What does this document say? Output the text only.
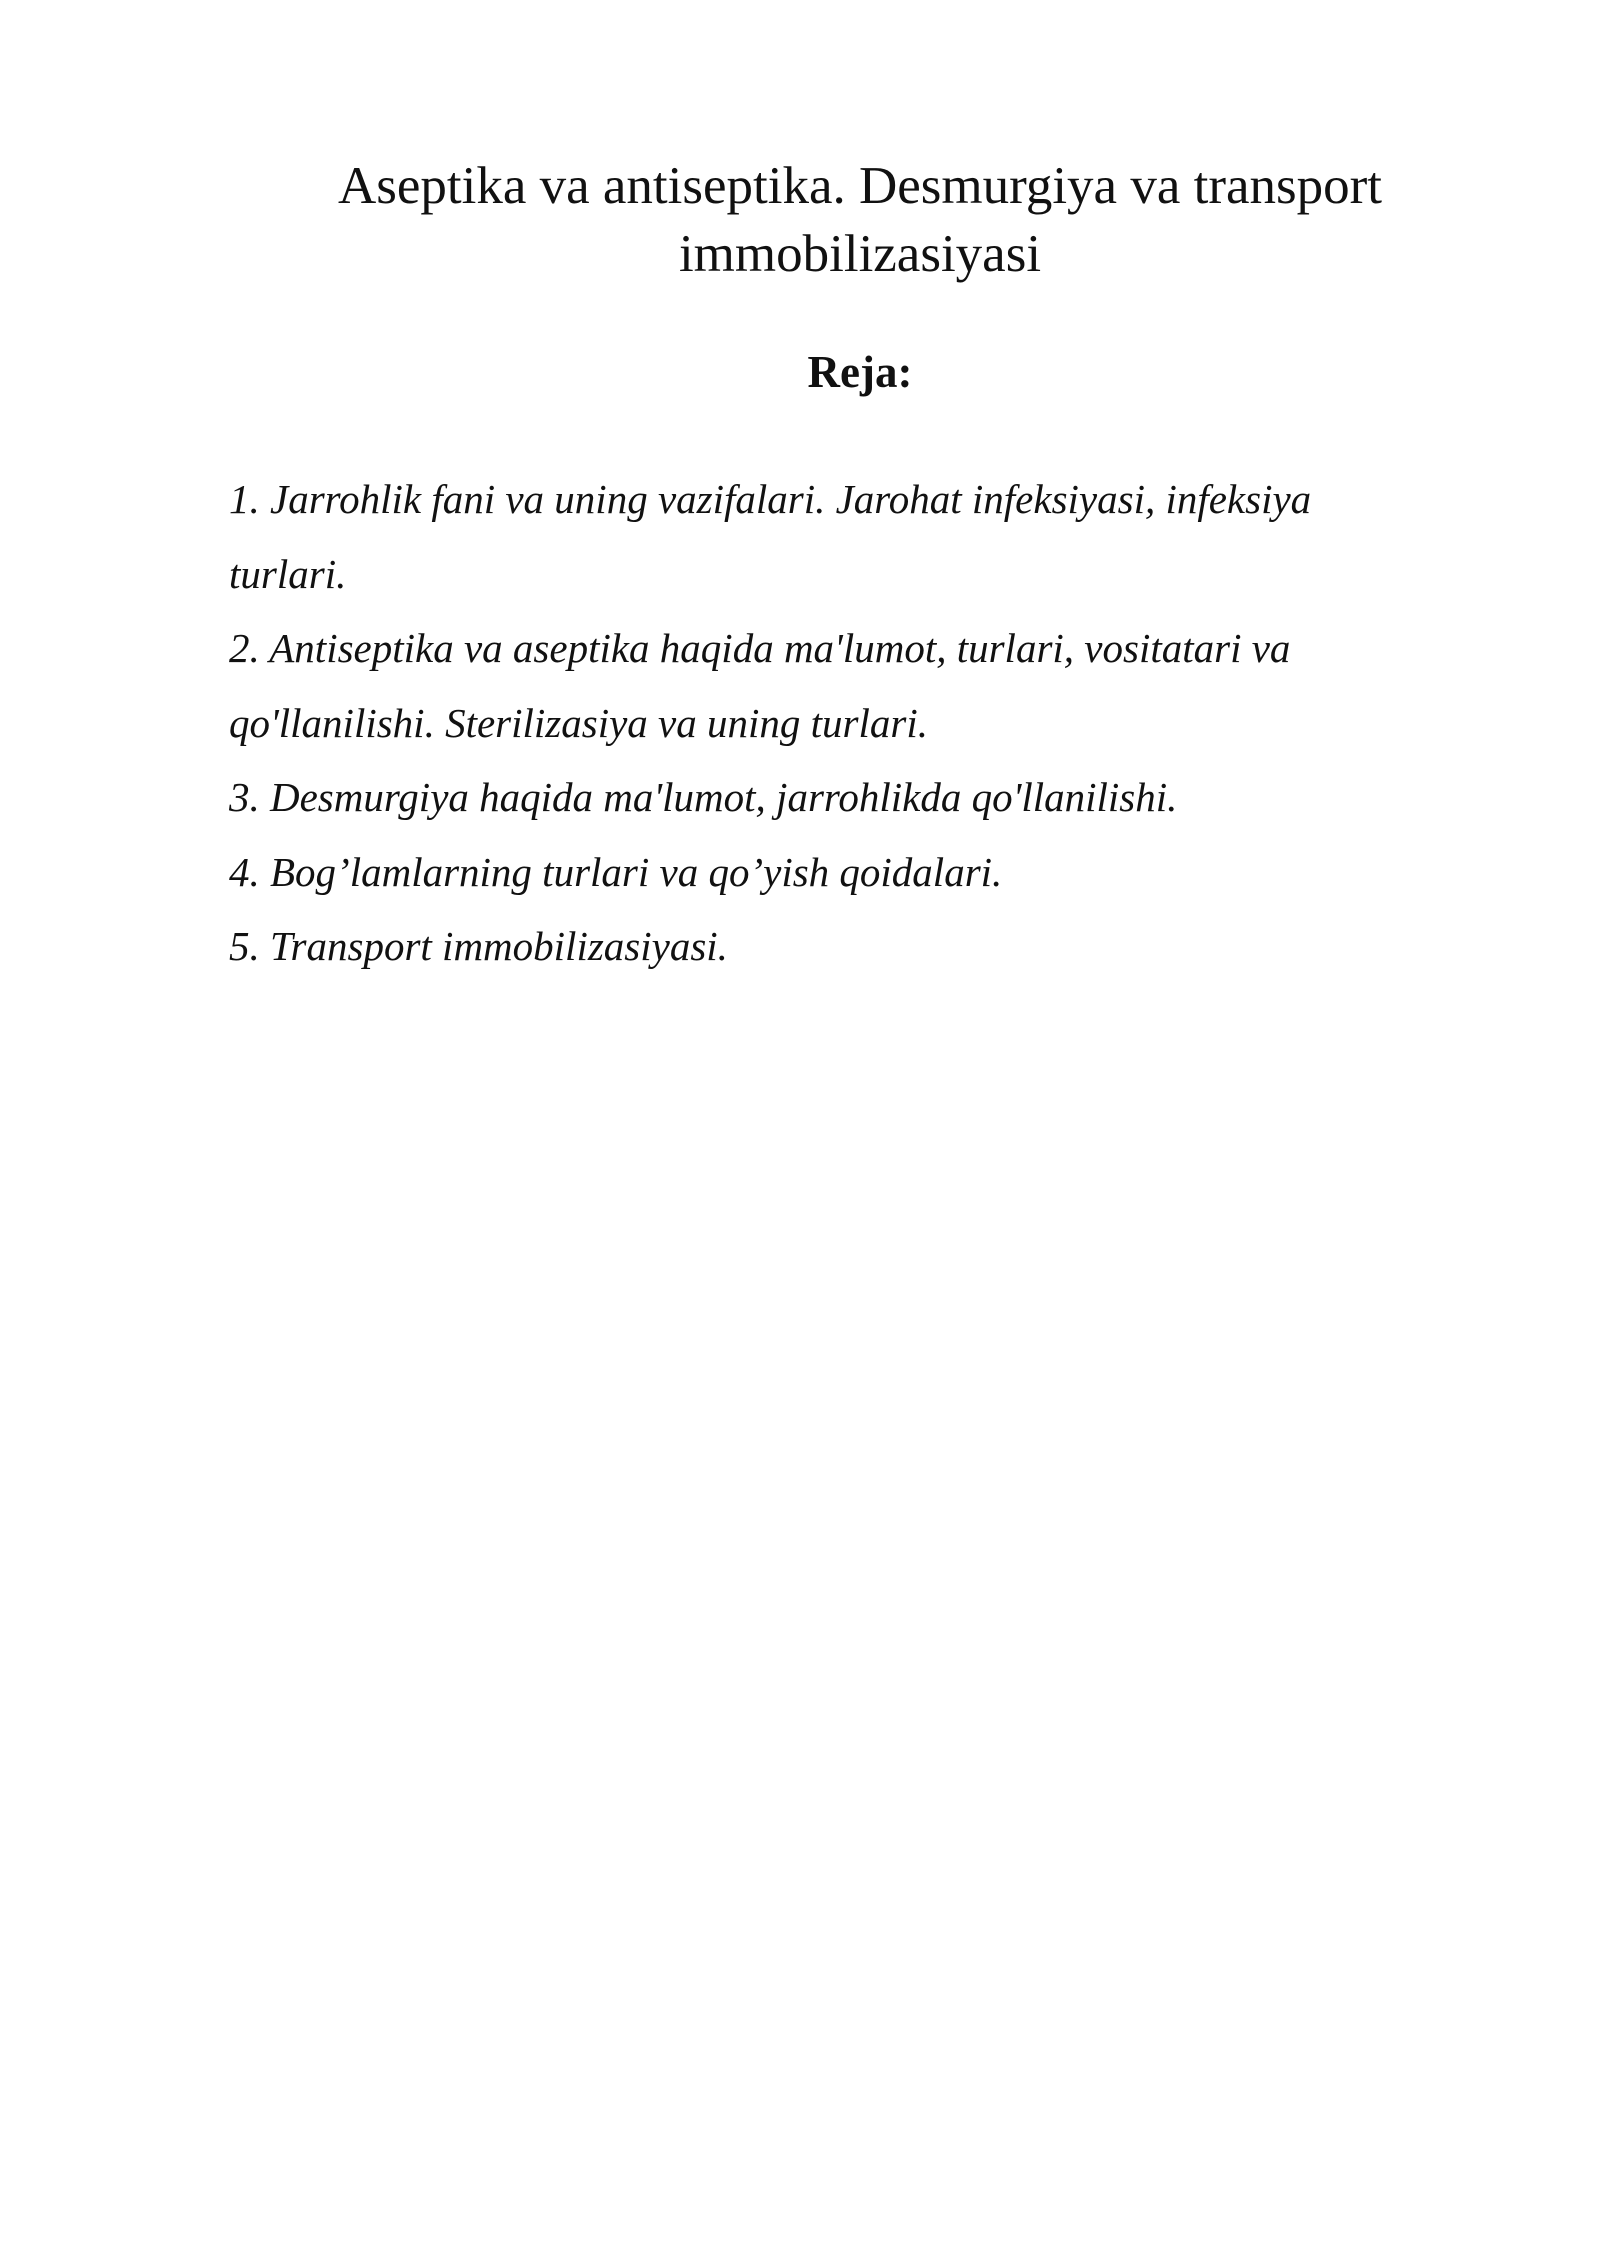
Aseptika va antiseptika. Desmurgiya va transport
immobilizasiyasi
Reja:
1. Jarrohlik fani va uning vazifalari. Jarohat infeksiyasi, infeksiya turlari.
2. Antiseptika va aseptika haqida ma'lumot, turlari, vositatari va qo'llanilishi. Sterilizasiya va uning turlari.
3. Desmurgiya haqida ma'lumot, jarrohlikda qo'llanilishi.
4. Bog’lamlarning turlari va qo’yish qoidalari.
5. Transport immobilizasiyasi.
